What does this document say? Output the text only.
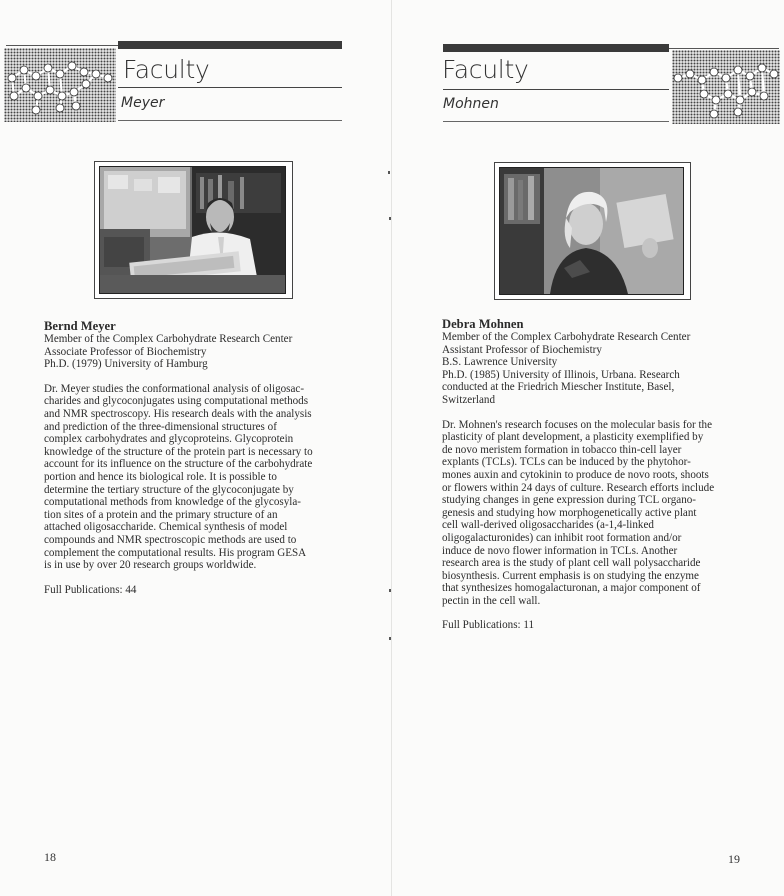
Faculty
Meyer
Bernd Meyer

Member of the Complex Carbohydrate Research Center

Associate Professor of Biochemistry

Ph.D. (1979) University of Hamburg

Dr. Meyer studies the conformational analysis of oligosac-

charides and glycoconjugates using computational methods

and NMR spectroscopy. His research deals with the analysis

and prediction of the three-dimensional structures of

complex carbohydrates and glycoproteins. Glycoprotein

knowledge of the structure of the protein part is necessary to

account for its influence on the structure of the carbohydrate

portion and hence its biological role. It is possible to

determine the tertiary structure of the glycoconjugate by

computational methods from knowledge of the glycosyla-

tion sites of a protein and the primary structure of an

attached oligosaccharide. Chemical synthesis of model

compounds and NMR spectroscopic methods are used to

complement the computational results. His program GESA

is in use by over 20 research groups worldwide.

Full Publications: 44

18
Faculty
Mohnen
Debra Mohnen

Member of the Complex Carbohydrate Research Center

Assistant Professor of Biochemistry

B.S. Lawrence University

Ph.D. (1985) University of Illinois, Urbana. Research

conducted at the Friedrich Miescher Institute, Basel,

Switzerland

Dr. Mohnen's research focuses on the molecular basis for the

plasticity of plant development, a plasticity exemplified by

de novo meristem formation in tobacco thin-cell layer

explants (TCLs). TCLs can be induced by the phytohor-

mones auxin and cytokinin to produce de novo roots, shoots

or flowers within 24 days of culture. Research efforts include

studying changes in gene expression during TCL organo-

genesis and studying how morphogenetically active plant

cell wall-derived oligosaccharides (a-1,4-linked

oligogalacturonides) can inhibit root formation and/or

induce de novo flower information in TCLs. Another

research area is the study of plant cell wall polysaccharide

biosynthesis. Current emphasis is on studying the enzyme

that synthesizes homogalacturonan, a major component of

pectin in the cell wall.

Full Publications: 11

19
